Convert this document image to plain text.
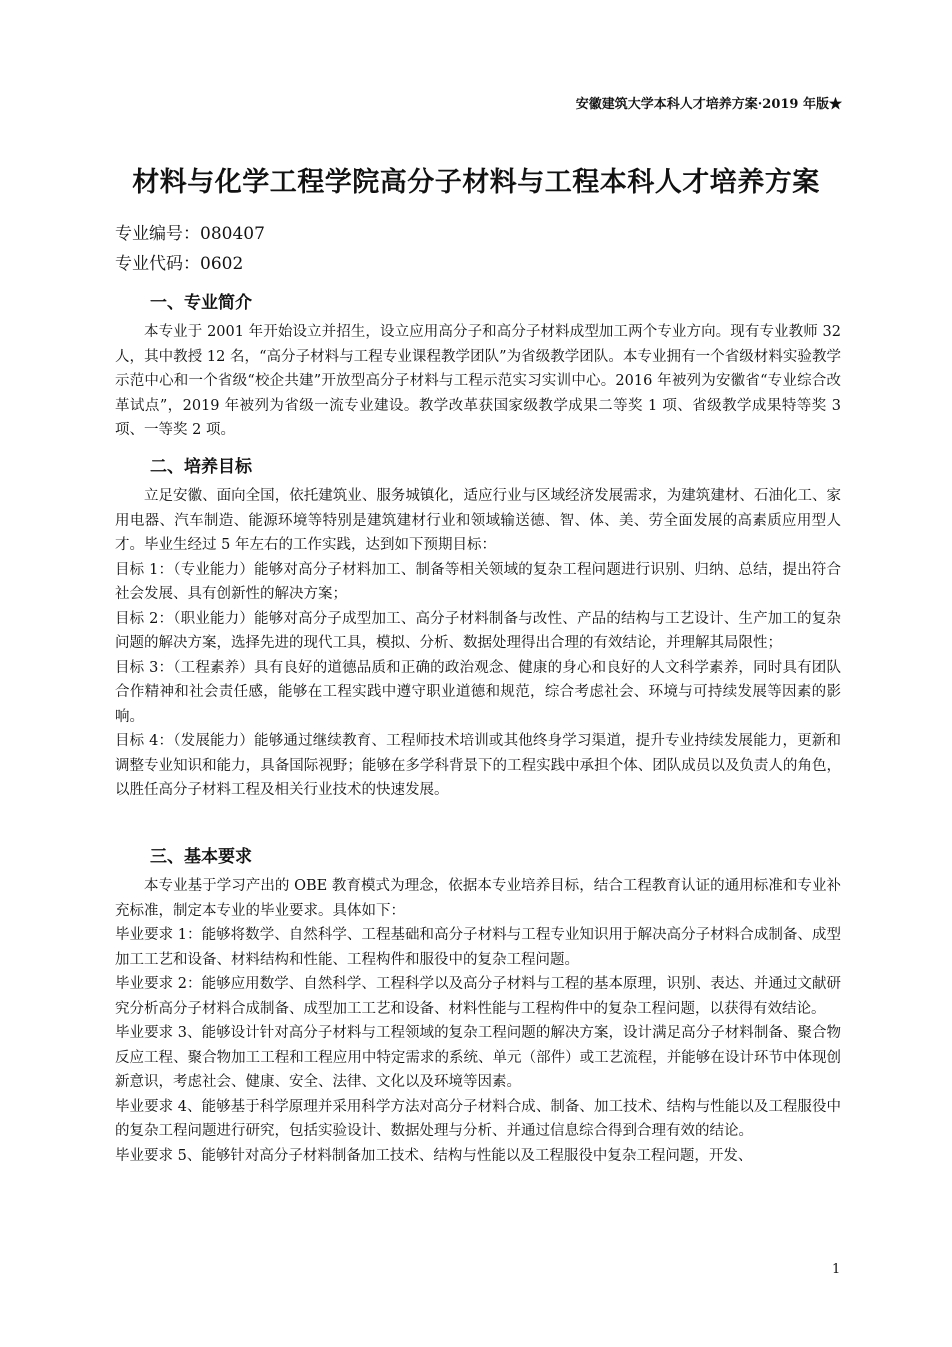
安徽建筑大学本科人才培养方案·2019 年版★
材料与化学工程学院高分子材料与工程本科人才培养方案
专业编号：080407
专业代码：0602
一、专业简介

本专业于 2001 年开始设立并招生，设立应用高分子和高分子材料成型加工两个专业方向。现有专业教师 32 人，其中教授 12 名，“高分子材料与工程专业课程教学团队”为省级教学团队。本专业拥有一个省级材料实验教学示范中心和一个省级“校企共建”开放型高分子材料与工程示范实习实训中心。2016 年被列为安徽省“专业综合改革试点”，2019 年被列为省级一流专业建设。教学改革获国家级教学成果二等奖 1 项、省级教学成果特等奖 3 项、一等奖 2 项。

二、培养目标

立足安徽、面向全国，依托建筑业、服务城镇化，适应行业与区域经济发展需求，为建筑建材、石油化工、家用电器、汽车制造、能源环境等特别是建筑建材行业和领域输送德、智、体、美、劳全面发展的高素质应用型人才。毕业生经过 5 年左右的工作实践，达到如下预期目标：

目标 1：（专业能力）能够对高分子材料加工、制备等相关领域的复杂工程问题进行识别、归纳、总结，提出符合社会发展、具有创新性的解决方案；

目标 2：（职业能力）能够对高分子成型加工、高分子材料制备与改性、产品的结构与工艺设计、生产加工的复杂问题的解决方案，选择先进的现代工具，模拟、分析、数据处理得出合理的有效结论，并理解其局限性；

目标 3：（工程素养）具有良好的道德品质和正确的政治观念、健康的身心和良好的人文科学素养，同时具有团队合作精神和社会责任感，能够在工程实践中遵守职业道德和规范，综合考虑社会、环境与可持续发展等因素的影响。

目标 4：（发展能力）能够通过继续教育、工程师技术培训或其他终身学习渠道，提升专业持续发展能力，更新和调整专业知识和能力，具备国际视野；能够在多学科背景下的工程实践中承担个体、团队成员以及负责人的角色，以胜任高分子材料工程及相关行业技术的快速发展。

三、基本要求

本专业基于学习产出的 OBE 教育模式为理念，依据本专业培养目标，结合工程教育认证的通用标准和专业补充标准，制定本专业的毕业要求。具体如下：

毕业要求 1：能够将数学、自然科学、工程基础和高分子材料与工程专业知识用于解决高分子材料合成制备、成型加工工艺和设备、材料结构和性能、工程构件和服役中的复杂工程问题。

毕业要求 2：能够应用数学、自然科学、工程科学以及高分子材料与工程的基本原理，识别、表达、并通过文献研究分析高分子材料合成制备、成型加工工艺和设备、材料性能与工程构件中的复杂工程问题，以获得有效结论。

毕业要求 3、能够设计针对高分子材料与工程领域的复杂工程问题的解决方案，设计满足高分子材料制备、聚合物反应工程、聚合物加工工程和工程应用中特定需求的系统、单元（部件）或工艺流程，并能够在设计环节中体现创新意识，考虑社会、健康、安全、法律、文化以及环境等因素。

毕业要求 4、能够基于科学原理并采用科学方法对高分子材料合成、制备、加工技术、结构与性能以及工程服役中的复杂工程问题进行研究，包括实验设计、数据处理与分析、并通过信息综合得到合理有效的结论。

毕业要求 5、能够针对高分子材料制备加工技术、结构与性能以及工程服役中复杂工程问题，开发、

1
